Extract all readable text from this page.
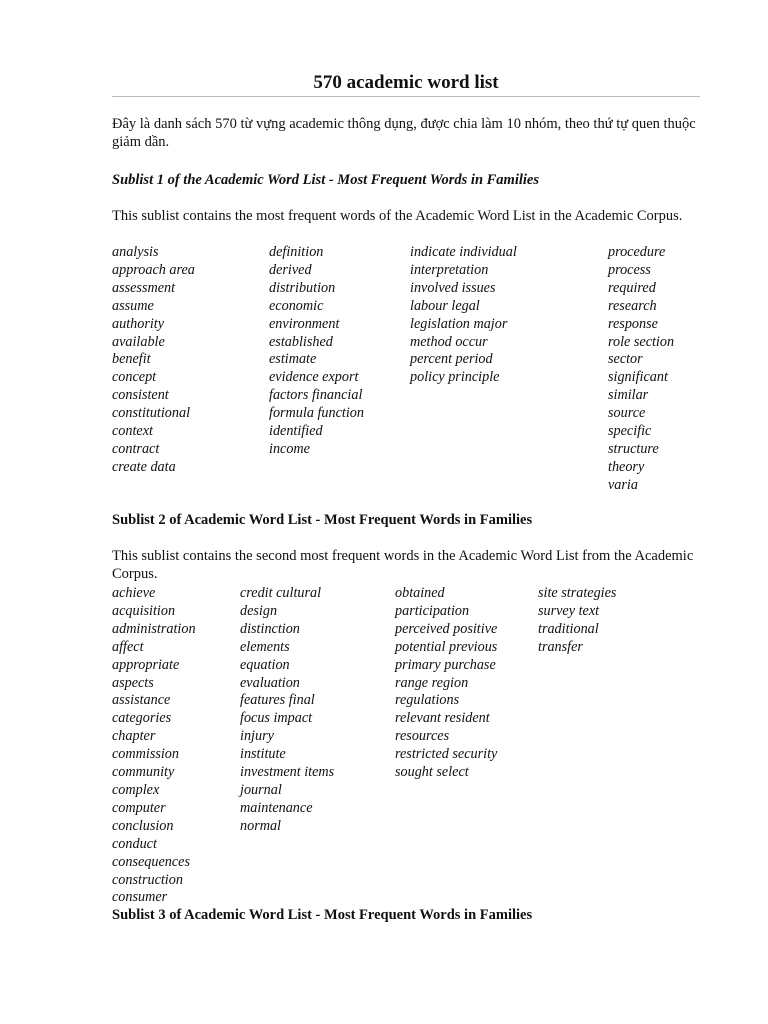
570 academic word list

Đây là danh sách 570 từ vựng academic thông dụng, được chia làm 10 nhóm, theo thứ tự quen thuộc giảm dần.

Sublist 1 of the Academic Word List - Most Frequent Words in Families

This sublist contains the most frequent words of the Academic Word List in the Academic Corpus.

analysis
approach area
assessment
assume
authority
available
benefit
concept
consistent
constitutional
context
contract
create data
definition
derived
distribution
economic
environment
established
estimate
evidence export
factors financial
formula function
identified
income
indicate individual
interpretation
involved issues
labour legal
legislation major
method occur
percent period
policy principle
procedure
process
required
research
response
role section
sector
significant
similar
source
specific
structure
theory
varia

Sublist 2 of Academic Word List - Most Frequent Words in Families

This sublist contains the second most frequent words in the Academic Word List from the Academic Corpus.

achieve
acquisition
administration
affect
appropriate
aspects
assistance
categories
chapter
commission
community
complex
computer
conclusion
conduct
consequences
construction
consumer
credit cultural
design
distinction
elements
equation
evaluation
features final
focus impact
injury
institute
investment items
journal
maintenance
normal
obtained
participation
perceived positive
potential previous
primary purchase
range region
regulations
relevant resident
resources
restricted security
sought select
site strategies
survey text
traditional
transfer

Sublist 3 of Academic Word List - Most Frequent Words in Families
